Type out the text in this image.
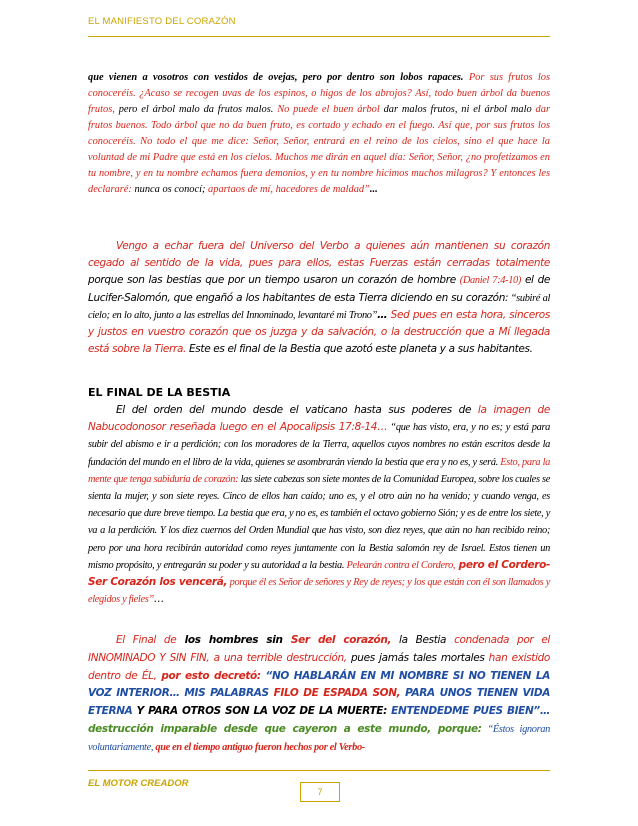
EL MANIFIESTO DEL CORAZÓN
que vienen a vosotros con vestidos de ovejas, pero por dentro son lobos rapaces. Por sus frutos los conoceréis. ¿Acaso se recogen uvas de los espinos, o higos de los abrojos? Así, todo buen árbol da buenos frutos, pero el árbol malo da frutos malos. No puede el buen árbol dar malos frutos, ni el árbol malo dar frutos buenos. Todo árbol que no da buen fruto, es cortado y echado en el fuego. Así que, por sus frutos los conoceréis. No todo el que me dice: Señor, Señor, entrará en el reino de los cielos, sino el que hace la voluntad de mi Padre que está en los cielos. Muchos me dirán en aquel día: Señor, Señor, ¿no profetizamos en tu nombre, y en tu nombre echamos fuera demonios, y en tu nombre hicimos muchos milagros? Y entonces les declararé: nunca os conocí; apartaos de mí, hacedores de maldad”...
Vengo a echar fuera del Universo del Verbo a quienes aún mantienen su corazón cegado al sentido de la vida, pues para ellos, estas Fuerzas están cerradas totalmente porque son las bestias que por un tiempo usaron un corazón de hombre (Daniel 7:4-10) el de Lucifer-Salomón, que engañó a los habitantes de esta Tierra diciendo en su corazón: “subiré al cielo; en lo alto, junto a las estrellas del Innominado, levantaré mi Trono”… Sed pues en esta hora, sinceros y justos en vuestro corazón que os juzga y da salvación, o la destrucción que a Mí llegada está sobre la Tierra. Este es el final de la Bestia que azotó este planeta y a sus habitantes.
EL FINAL DE LA BESTIA
El del orden del mundo desde el vaticano hasta sus poderes de la imagen de Nabucodonosor reseñada luego en el Apocalipsis 17:8-14… “que has visto, era, y no es; y está para subir del abismo e ir a perdición; con los moradores de la Tierra, aquellos cuyos nombres no están escritos desde la fundación del mundo en el libro de la vida, quienes se asombrarán viendo la bestia que era y no es, y será. Esto, para la mente que tenga sabiduría de corazón: las siete cabezas son siete montes de la Comunidad Europea, sobre los cuales se sienta la mujer, y son siete reyes. Cinco de ellos han caído; uno es, y el otro aún no ha venido; y cuando venga, es necesario que dure breve tiempo. La bestia que era, y no es, es también el octavo gobierno Sión; y es de entre los siete, y va a la perdición. Y los diez cuernos del Orden Mundial que has visto, son diez reyes, que aún no han recibido reino; pero por una hora recibirán autoridad como reyes juntamente con la Bestia salomón rey de Israel. Estos tienen un mismo propósito, y entregarán su poder y su autoridad a la bestia. Pelearán contra el Cordero, pero el Cordero-Ser Corazón los vencerá, porque él es Señor de señores y Rey de reyes; y los que están con él son llamados y elegidos y fieles”…
El Final de los hombres sin Ser del corazón, la Bestia condenada por el INNOMINADO Y SIN FIN, a una terrible destrucción, pues jamás tales mortales han existido dentro de ÉL, por esto decretó: “NO HABLARÁN EN MI NOMBRE SI NO TIENEN LA VOZ INTERIOR… MIS PALABRAS FILO DE ESPADA SON, PARA UNOS TIENEN VIDA ETERNA Y PARA OTROS SON LA VOZ DE LA MUERTE: ENTENDEDME PUES BIEN”… destrucción imparable desde que cayeron a este mundo, porque: “Éstos ignoran voluntariamente, que en el tiempo antiguo fueron hechos por el Verbo-
EL MOTOR CREADOR
7
